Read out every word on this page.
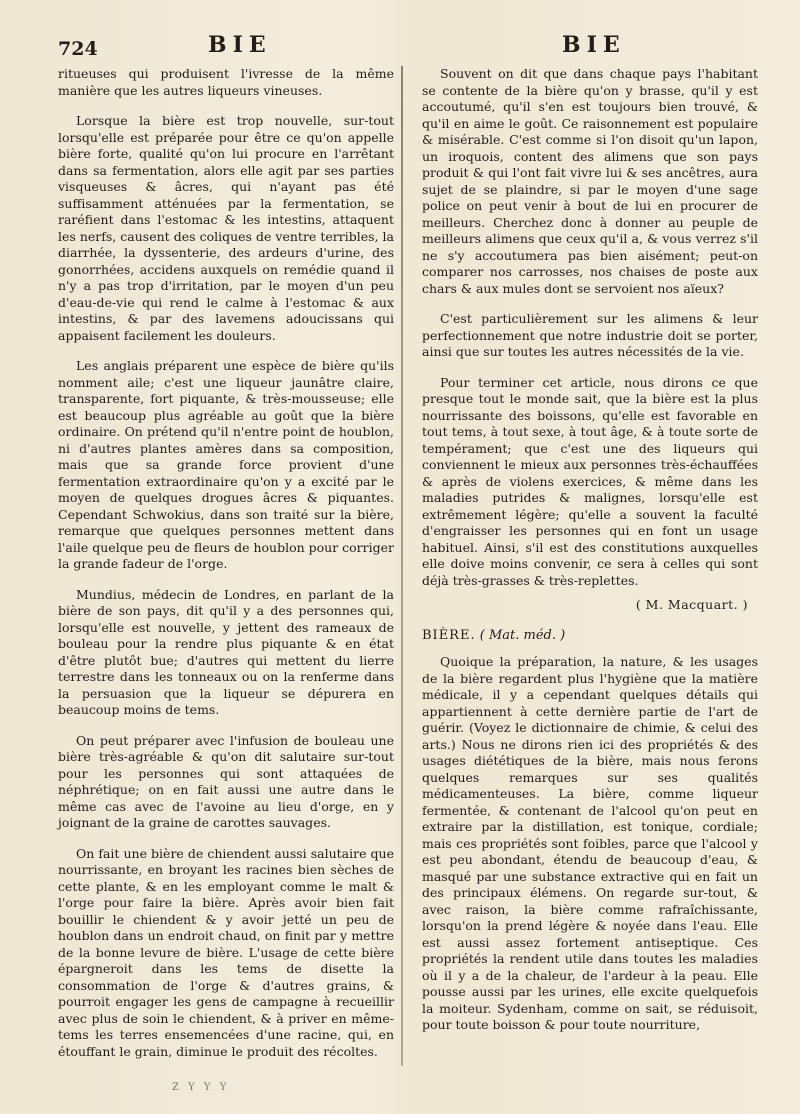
724	BIE	BIE

ritueuses qui produisent l'ivresse de la même manière que les autres liqueurs vineuses.

Lorsque la bière est trop nouvelle, sur-tout lorsqu'elle est préparée pour être ce qu'on appelle bière forte, qualité qu'on lui procure en l'arrêtant dans sa fermentation, alors elle agit par ses parties visqueuses & âcres, qui n'ayant pas été suffisamment atténuées par la fermentation, se raréfient dans l'estomac & les intestins, attaquent les nerfs, causent des coliques de ventre terribles, la diarrhée, la dyssenterie, des ardeurs d'urine, des gonorrhées, accidens auxquels on remédie quand il n'y a pas trop d'irritation, par le moyen d'un peu d'eau-de-vie qui rend le calme à l'estomac & aux intestins, & par des lavemens adoucissans qui appaisent facilement les douleurs.

Les anglais préparent une espèce de bière qu'ils nomment aile; c'est une liqueur jaunâtre claire, transparente, fort piquante, & très-mousseuse; elle est beaucoup plus agréable au goût que la bière ordinaire. On prétend qu'il n'entre point de houblon, ni d'autres plantes amères dans sa composition, mais que sa grande force provient d'une fermentation extraordinaire qu'on y a excité par le moyen de quelques drogues âcres & piquantes. Cependant Schwokius, dans son traité sur la bière, remarque que quelques personnes mettent dans l'aile quelque peu de fleurs de houblon pour corriger la grande fadeur de l'orge.

Mundius, médecin de Londres, en parlant de la bière de son pays, dit qu'il y a des personnes qui, lorsqu'elle est nouvelle, y jettent des rameaux de bouleau pour la rendre plus piquante & en état d'être plutôt bue; d'autres qui mettent du lierre terrestre dans les tonneaux ou on la renferme dans la persuasion que la liqueur se dépurera en beaucoup moins de tems.

On peut préparer avec l'infusion de bouleau une bière très-agréable & qu'on dit salutaire sur-tout pour les personnes qui sont attaquées de néphrétique; on en fait aussi une autre dans le même cas avec de l'avoine au lieu d'orge, en y joignant de la graine de carottes sauvages.

On fait une bière de chiendent aussi salutaire que nourrissante, en broyant les racines bien sèches de cette plante, & en les employant comme le malt & l'orge pour faire la bière. Après avoir bien fait bouillir le chiendent & y avoir jetté un peu de houblon dans un endroit chaud, on finit par y mettre de la bonne levure de bière. L'usage de cette bière épargneroit dans les tems de disette la consommation de l'orge & d'autres grains, & pourroit engager les gens de campagne à recueillir avec plus de soin le chiendent, & à priver en même-tems les terres ensemencées d'une racine, qui, en étouffant le grain, diminue le produit des récoltes.

Souvent on dit que dans chaque pays l'habitant se contente de la bière qu'on y brasse, qu'il y est accoutumé, qu'il s'en est toujours bien trouvé, & qu'il en aime le goût. Ce raisonnement est populaire & misérable. C'est comme si l'on disoit qu'un lapon, un iroquois, content des alimens que son pays produit & qui l'ont fait vivre lui & ses ancêtres, aura sujet de se plaindre, si par le moyen d'une sage police on peut venir à bout de lui en procurer de meilleurs. Cherchez donc à donner au peuple de meilleurs alimens que ceux qu'il a, & vous verrez s'il ne s'y accoutumera pas bien aisément; peut-on comparer nos carrosses, nos chaises de poste aux chars & aux mules dont se servoient nos aïeux?

C'est particulièrement sur les alimens & leur perfectionnement que notre industrie doit se porter, ainsi que sur toutes les autres nécessités de la vie.

Pour terminer cet article, nous dirons ce que presque tout le monde sait, que la bière est la plus nourrissante des boissons, qu'elle est favorable en tout tems, à tout sexe, à tout âge, & à toute sorte de tempérament; que c'est une des liqueurs qui conviennent le mieux aux personnes très-échauffées & après de violens exercices, & même dans les maladies putrides & malignes, lorsqu'elle est extrêmement légère; qu'elle a souvent la faculté d'engraisser les personnes qui en font un usage habituel. Ainsi, s'il est des constitutions auxquelles elle doive moins convenir, ce sera à celles qui sont déjà très-grasses & très-replettes.

( M. Macquart. )
BIÈRE. ( Mat. méd. )

Quoique la préparation, la nature, & les usages de la bière regardent plus l'hygiène que la matière médicale, il y a cependant quelques détails qui appartiennent à cette dernière partie de l'art de guérir. (Voyez le dictionnaire de chimie, & celui des arts.) Nous ne dirons rien ici des propriétés & des usages diététiques de la bière, mais nous ferons quelques remarques sur ses qualités médicamenteuses. La bière, comme liqueur fermentée, & contenant de l'alcool qu'on peut en extraire par la distillation, est tonique, cordiale; mais ces propriétés sont foibles, parce que l'alcool y est peu abondant, étendu de beaucoup d'eau, & masqué par une substance extractive qui en fait un des principaux élémens. On regarde sur-tout, & avec raison, la bière comme rafraîchissante, lorsqu'on la prend légère & noyée dans l'eau. Elle est aussi assez fortement antiseptique. Ces propriétés la rendent utile dans toutes les maladies où il y a de la chaleur, de l'ardeur à la peau. Elle pousse aussi par les urines, elle excite quelquefois la moiteur. Sydenham, comme on sait, se réduisoit, pour toute boisson & pour toute nourriture,

Z Y Y Y
